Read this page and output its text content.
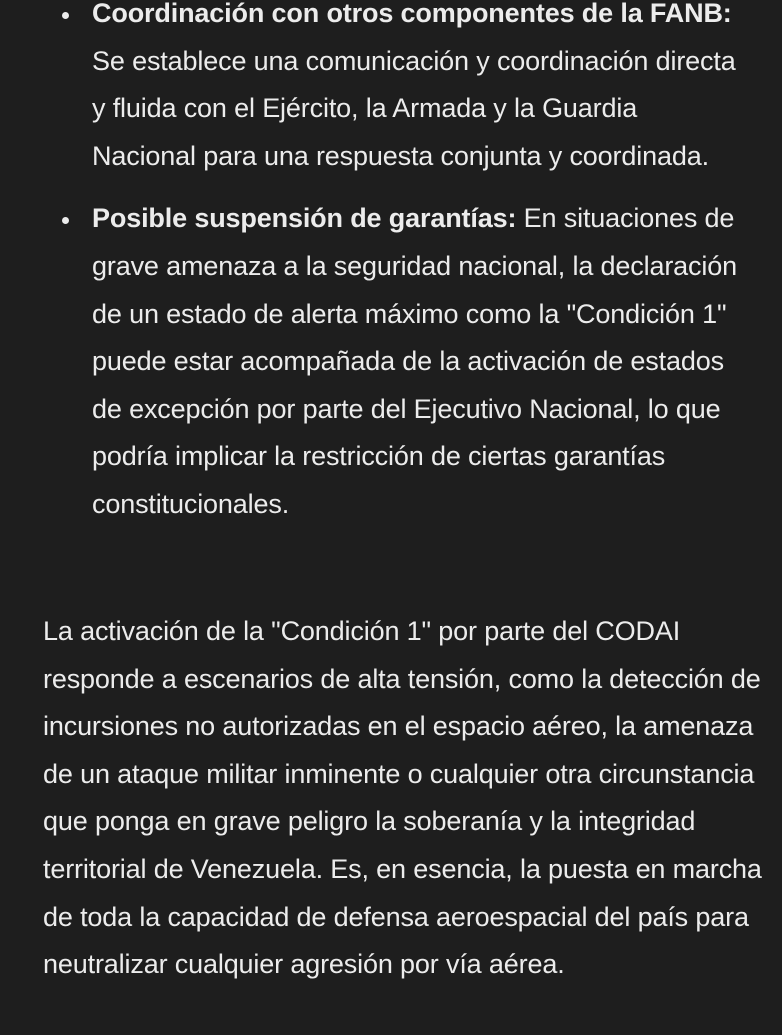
Coordinación con otros componentes de la FANB: Se establece una comunicación y coordinación directa y fluida con el Ejército, la Armada y la Guardia Nacional para una respuesta conjunta y coordinada.
Posible suspensión de garantías: En situaciones de grave amenaza a la seguridad nacional, la declaración de un estado de alerta máximo como la "Condición 1" puede estar acompañada de la activación de estados de excepción por parte del Ejecutivo Nacional, lo que podría implicar la restricción de ciertas garantías constitucionales.

La activación de la "Condición 1" por parte del CODAI responde a escenarios de alta tensión, como la detección de incursiones no autorizadas en el espacio aéreo, la amenaza de un ataque militar inminente o cualquier otra circunstancia que ponga en grave peligro la soberanía y la integridad territorial de Venezuela. Es, en esencia, la puesta en marcha de toda la capacidad de defensa aeroespacial del país para neutralizar cualquier agresión por vía aérea.
